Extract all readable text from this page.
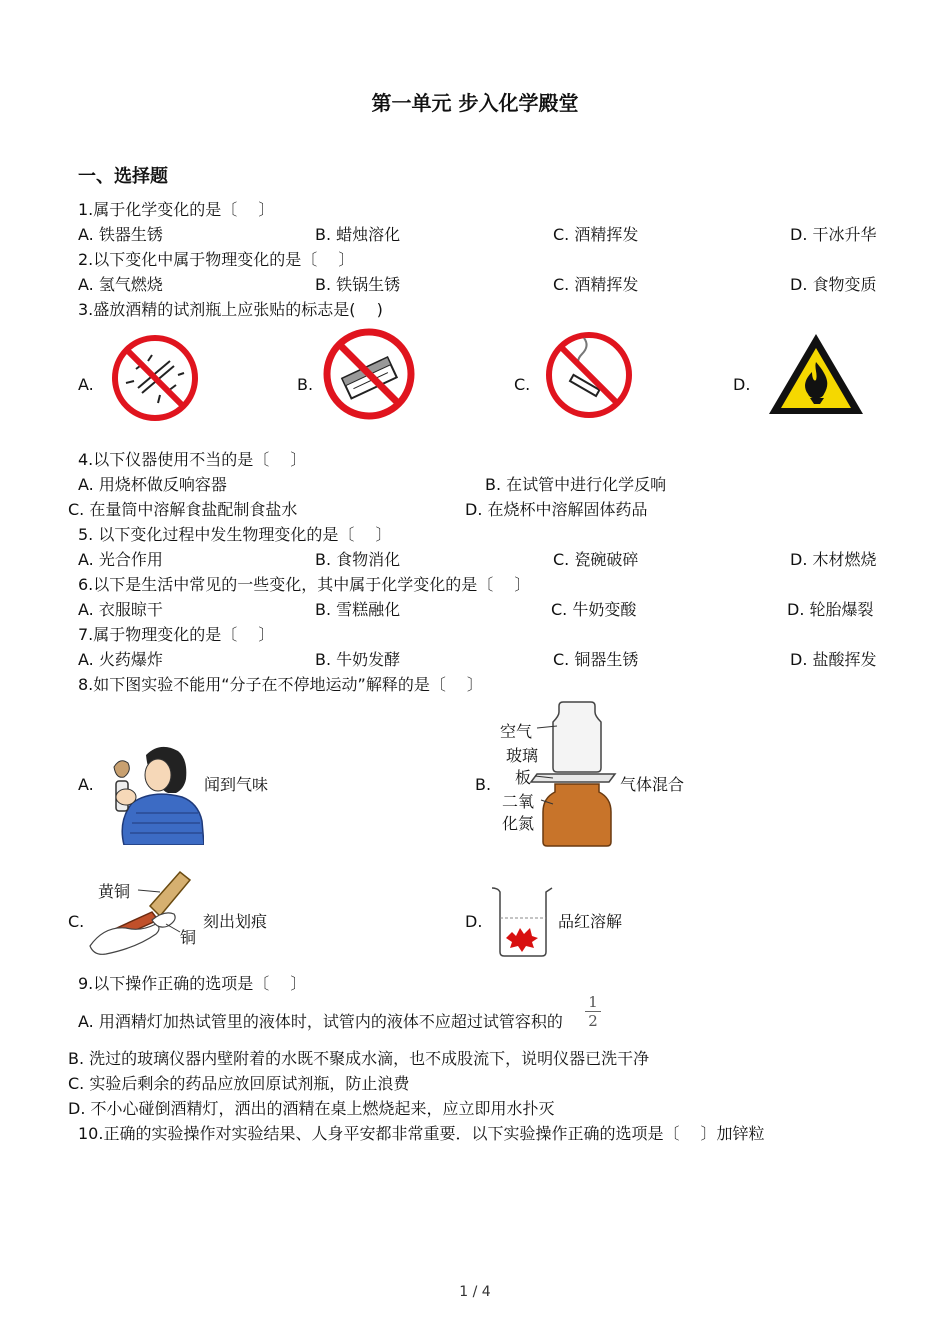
第一单元 步入化学殿堂
一、选择题
1.属于化学变化的是〔　 〕
A. 铁器生锈	B. 蜡烛溶化	C. 酒精挥发	D. 干冰升华
2.以下变化中属于物理变化的是〔　 〕
A. 氢气燃烧	B. 铁锅生锈	C. 酒精挥发	D. 食物变质
3.盛放酒精的试剂瓶上应张贴的标志是(　 )
A.	B.	C.	D.
4.以下仪器使用不当的是〔　 〕
A. 用烧杯做反响容器	B. 在试管中进行化学反响
C. 在量筒中溶解食盐配制食盐水	D. 在烧杯中溶解固体药品
5. 以下变化过程中发生物理变化的是〔　 〕
A. 光合作用	B. 食物消化	C. 瓷碗破碎	D. 木材燃烧
6.以下是生活中常见的一些变化，其中属于化学变化的是〔　 〕
A. 衣服晾干	B. 雪糕融化	C. 牛奶变酸	D. 轮胎爆裂
7.属于物理变化的是〔　 〕
A. 火药爆炸	B. 牛奶发酵	C. 铜器生锈	D. 盐酸挥发
8.如下图实验不能用“分子在不停地运动”解释的是〔　 〕
A.	闻到气味	B.
空气
玻璃
板
二氧
化氮
气体混合
C.
黄铜
铜
刻出划痕	D.	品红溶解
9.以下操作正确的选项是〔　 〕
A. 用酒精灯加热试管里的液体时，试管内的液体不应超过试管容积的
1
2
B. 洗过的玻璃仪器内壁附着的水既不聚成水滴，也不成股流下，说明仪器已洗干净
C. 实验后剩余的药品应放回原试剂瓶，防止浪费
D. 不小心碰倒酒精灯，洒出的酒精在桌上燃烧起来，应立即用水扑灭
10.正确的实验操作对实验结果、人身平安都非常重要．以下实验操作正确的选项是〔　 〕加锌粒
1 / 4
